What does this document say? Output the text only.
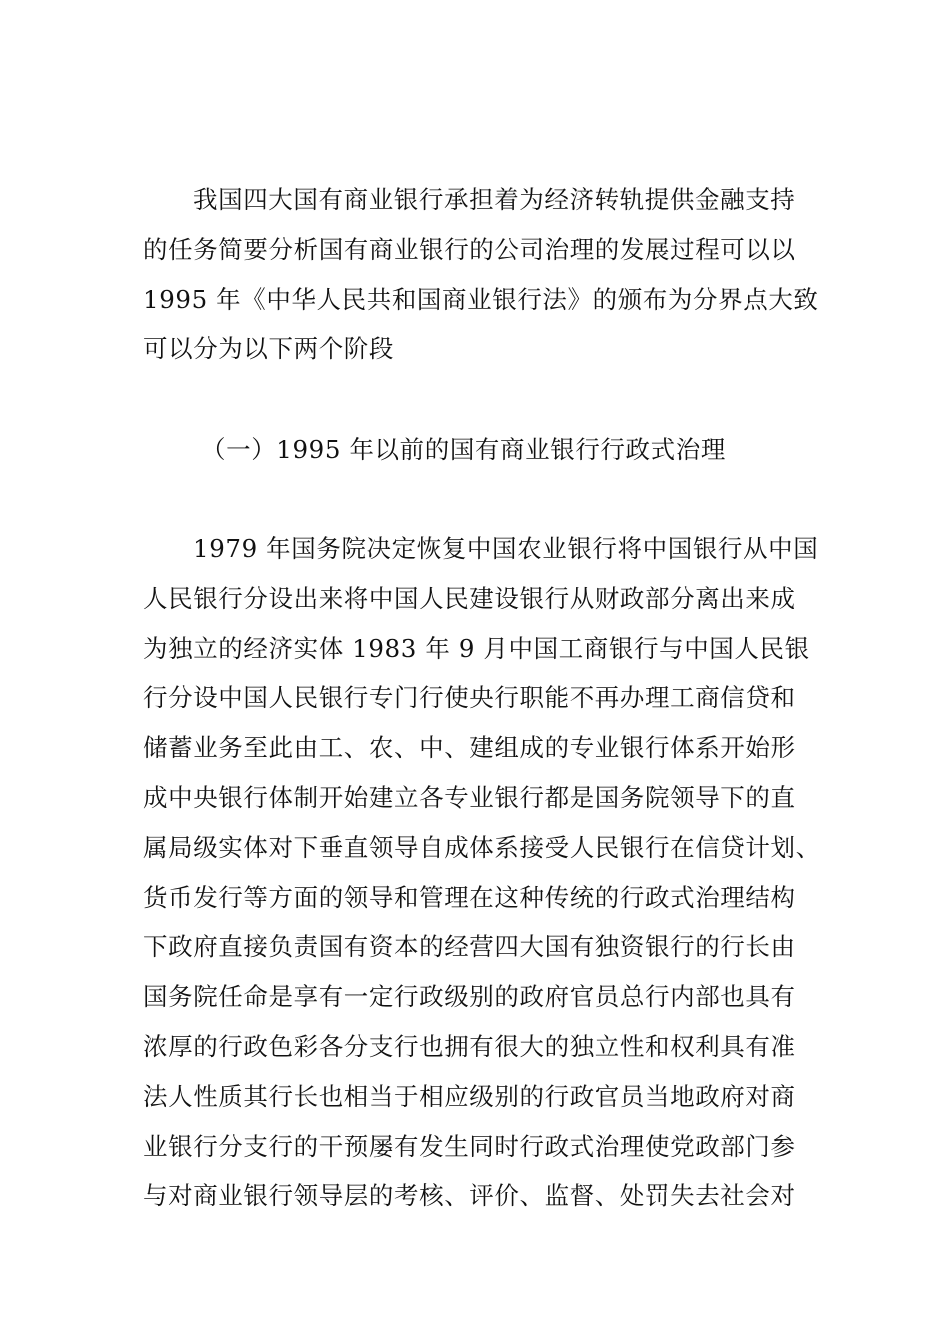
我国四大国有商业银行承担着为经济转轨提供金融支持
的任务简要分析国有商业银行的公司治理的发展过程可以以
1995 年《中华人民共和国商业银行法》的颁布为分界点大致
可以分为以下两个阶段
（一）1995 年以前的国有商业银行行政式治理
1979 年国务院决定恢复中国农业银行将中国银行从中国
人民银行分设出来将中国人民建设银行从财政部分离出来成
为独立的经济实体 1983 年 9 月中国工商银行与中国人民银
行分设中国人民银行专门行使央行职能不再办理工商信贷和
储蓄业务至此由工、农、中、建组成的专业银行体系开始形
成中央银行体制开始建立各专业银行都是国务院领导下的直
属局级实体对下垂直领导自成体系接受人民银行在信贷计划、
货币发行等方面的领导和管理在这种传统的行政式治理结构
下政府直接负责国有资本的经营四大国有独资银行的行长由
国务院任命是享有一定行政级别的政府官员总行内部也具有
浓厚的行政色彩各分支行也拥有很大的独立性和权利具有准
法人性质其行长也相当于相应级别的行政官员当地政府对商
业银行分支行的干预屡有发生同时行政式治理使党政部门参
与对商业银行领导层的考核、评价、监督、处罚失去社会对
